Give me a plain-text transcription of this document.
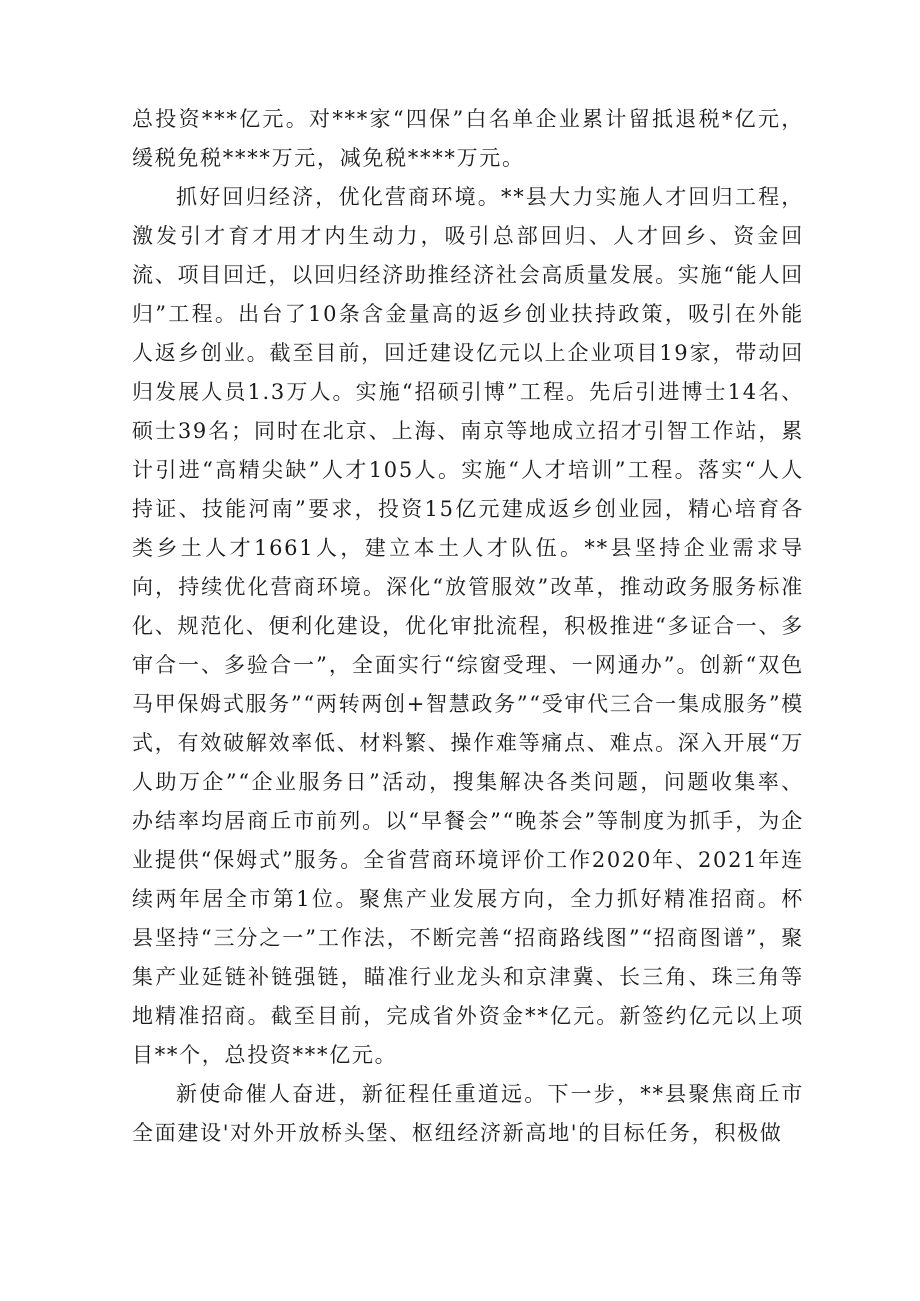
总投资***亿元。对***家“四保”白名单企业累计留抵退税*亿元，缓税免税****万元，减免税****万元。

抓好回归经济，优化营商环境。**县大力实施人才回归工程，激发引才育才用才内生动力，吸引总部回归、人才回乡、资金回流、项目回迁，以回归经济助推经济社会高质量发展。实施“能人回归”工程。出台了10条含金量高的返乡创业扶持政策，吸引在外能人返乡创业。截至目前，回迁建设亿元以上企业项目19家，带动回归发展人员1.3万人。实施“招硕引博”工程。先后引进博士14名、硕士39名；同时在北京、上海、南京等地成立招才引智工作站，累计引进“高精尖缺”人才105人。实施“人才培训”工程。落实“人人持证、技能河南”要求，投资15亿元建成返乡创业园，精心培育各类乡土人才1661人，建立本土人才队伍。**县坚持企业需求导向，持续优化营商环境。深化“放管服效”改革，推动政务服务标准化、规范化、便利化建设，优化审批流程，积极推进“多证合一、多审合一、多验合一”，全面实行“综窗受理、一网通办”。创新“双色马甲保姆式服务”“两转两创+智慧政务”“受审代三合一集成服务”模式，有效破解效率低、材料繁、操作难等痛点、难点。深入开展“万人助万企”“企业服务日”活动，搜集解决各类问题，问题收集率、办结率均居商丘市前列。以“早餐会”“晚茶会”等制度为抓手，为企业提供“保姆式”服务。全省营商环境评价工作2020年、2021年连续两年居全市第1位。聚焦产业发展方向，全力抓好精准招商。杯县坚持“三分之一”工作法，不断完善“招商路线图”“招商图谱”，聚集产业延链补链强链，瞄准行业龙头和京津冀、长三角、珠三角等地精准招商。截至目前，完成省外资金**亿元。新签约亿元以上项目**个，总投资***亿元。

新使命催人奋进，新征程任重道远。下一步，**县聚焦商丘市全面建设'对外开放桥头堡、枢纽经济新高地'的目标任务，积极做
